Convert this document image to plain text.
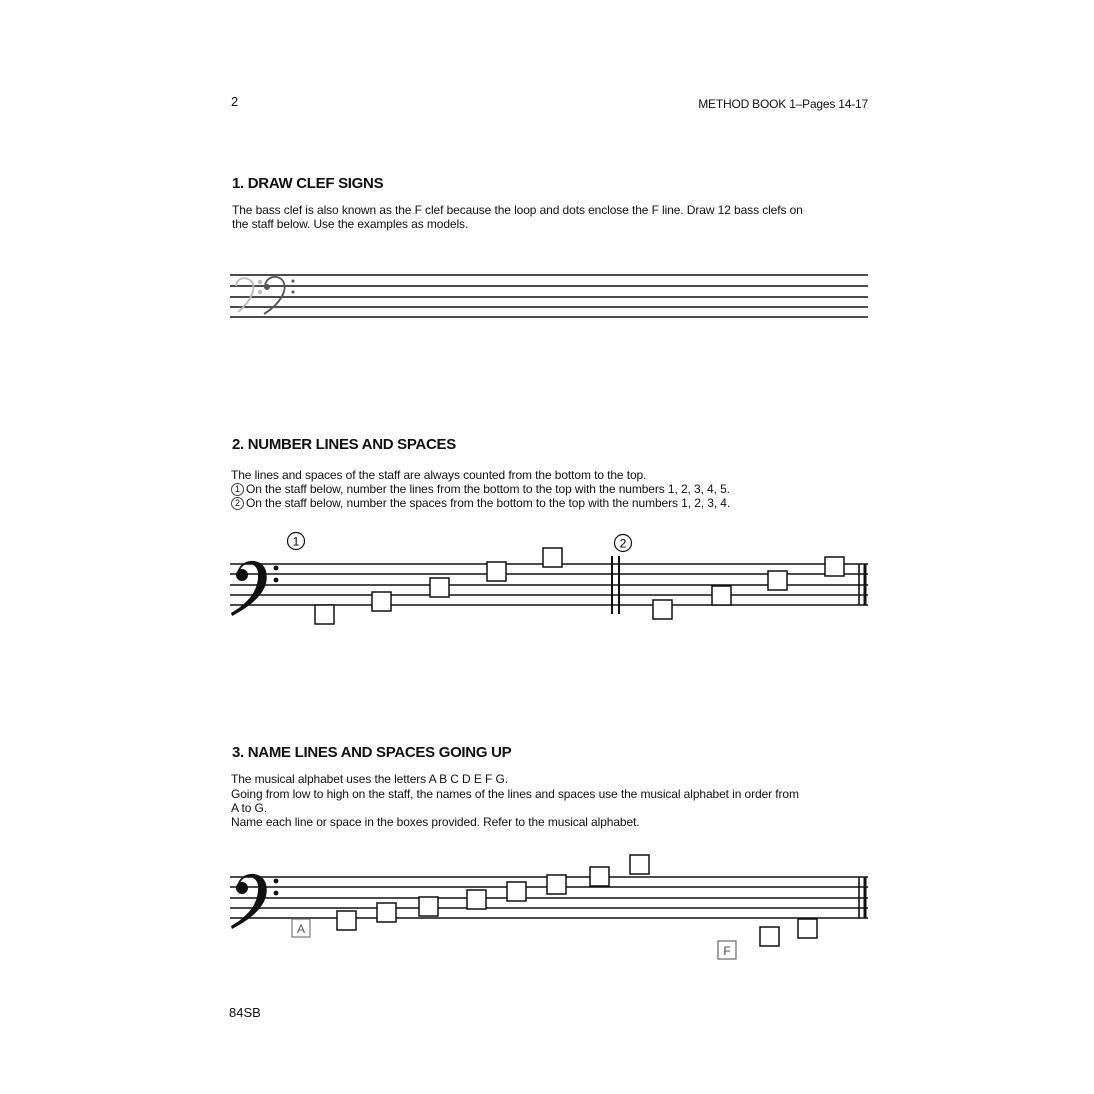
2	METHOD BOOK 1–Pages 14-17
1. DRAW CLEF SIGNS
The bass clef is also known as the F clef because the loop and dots enclose the F line. Draw 12 bass clefs on
the staff below. Use the examples as models.
2. NUMBER LINES AND SPACES
The lines and spaces of the staff are always counted from the bottom to the top.
1 On the staff below, number the lines from the bottom to the top with the numbers 1, 2, 3, 4, 5.
2 On the staff below, number the spaces from the bottom to the top with the numbers 1, 2, 3, 4.
3. NAME LINES AND SPACES GOING UP
The musical alphabet uses the letters A B C D E F G.
Going from low to high on the staff, the names of the lines and spaces use the musical alphabet in order from
A to G.
Name each line or space in the boxes provided. Refer to the musical alphabet.
84SB
1	2
A
F
